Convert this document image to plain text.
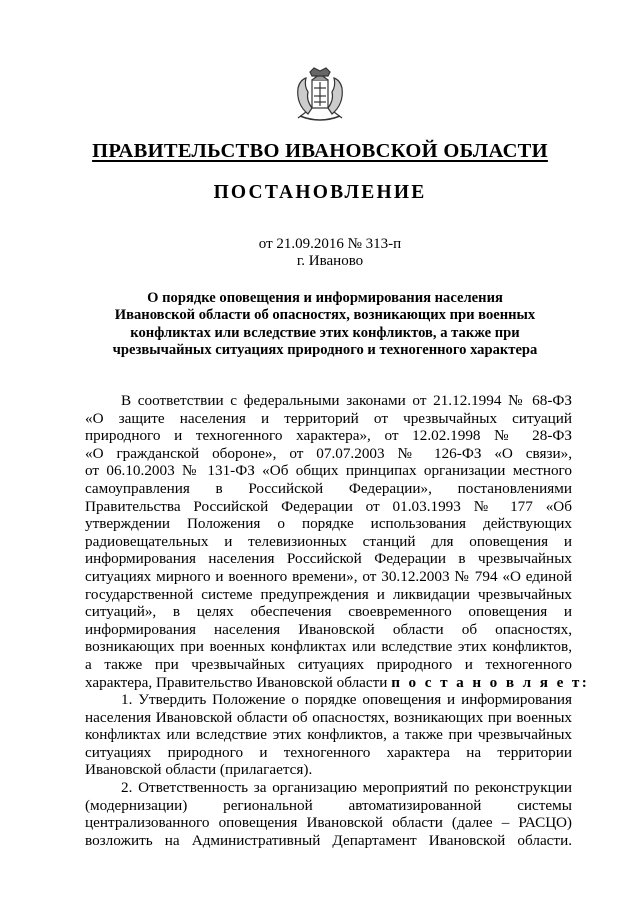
ПРАВИТЕЛЬСТВО ИВАНОВСКОЙ ОБЛАСТИ
ПОСТАНОВЛЕНИЕ
от 21.09.2016 № 313-п
г. Иваново
О порядке оповещения и информирования населения
Ивановской области об опасностях, возникающих при военных
конфликтах или вследствие этих конфликтов, а также при
чрезвычайных ситуациях природного и техногенного характера
В соответствии с федеральными законами от 21.12.1994 № 68-ФЗ
«О защите населения и территорий от чрезвычайных ситуаций
природного и техногенного характера», от 12.02.1998 № 28-ФЗ
«О гражданской обороне», от 07.07.2003 № 126-ФЗ «О связи»,
от 06.10.2003 № 131-ФЗ «Об общих принципах организации местного
самоуправления в Российской Федерации», постановлениями
Правительства Российской Федерации от 01.03.1993 № 177 «Об
утверждении Положения о порядке использования действующих
радиовещательных и телевизионных станций для оповещения и
информирования населения Российской Федерации в чрезвычайных
ситуациях мирного и военного времени», от 30.12.2003 № 794 «О единой
государственной системе предупреждения и ликвидации чрезвычайных
ситуаций», в целях обеспечения своевременного оповещения и
информирования населения Ивановской области об опасностях,
возникающих при военных конфликтах или вследствие этих конфликтов,
а также при чрезвычайных ситуациях природного и техногенного
характера, Правительство Ивановской области п о с т а н о в л я е т:
1. Утвердить Положение о порядке оповещения и информирования
населения Ивановской области об опасностях, возникающих при военных
конфликтах или вследствие этих конфликтов, а также при чрезвычайных
ситуациях природного и техногенного характера на территории
Ивановской области (прилагается).
2. Ответственность за организацию мероприятий по реконструкции
(модернизации) региональной автоматизированной системы
централизованного оповещения Ивановской области (далее – РАСЦО)
возложить на Административный Департамент Ивановской области.
